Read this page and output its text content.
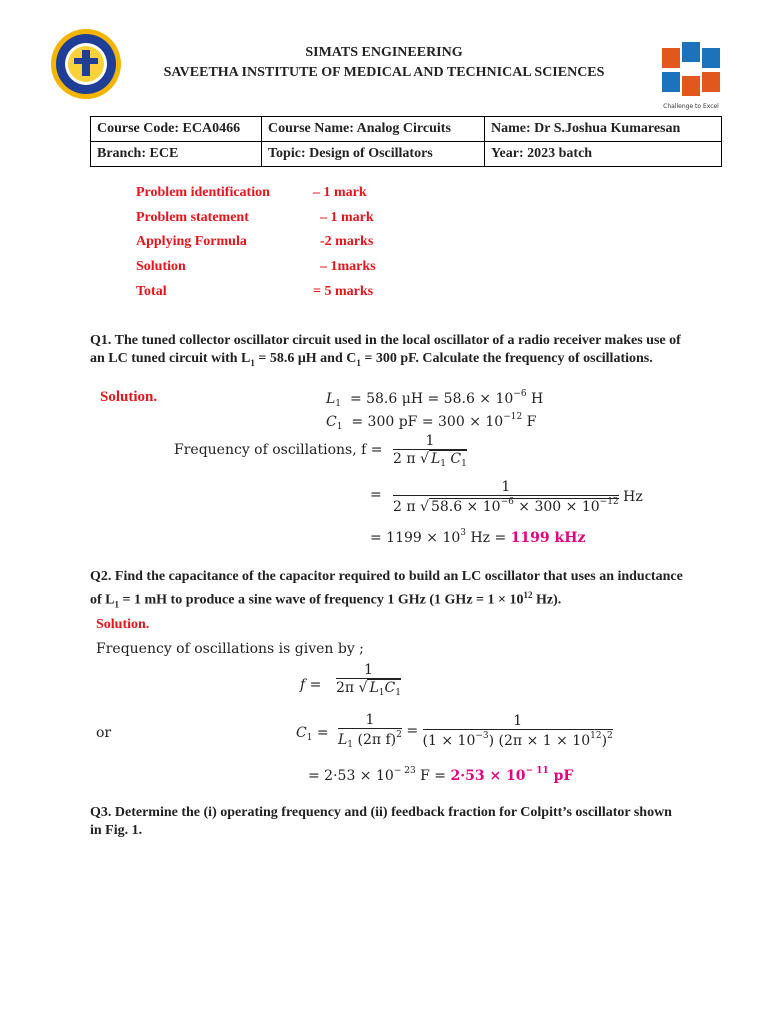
Challenge to Excel
SIMATS ENGINEERING
SAVEETHA INSTITUTE OF MEDICAL AND TECHNICAL SCIENCES
Course Code: ECA0466	Course Name: Analog Circuits	Name: Dr S.Joshua Kumaresan
Branch: ECE	Topic: Design of Oscillators	Year: 2023 batch
Problem identification	– 1 mark
Problem statement	– 1 mark
Applying Formula	-2 marks
Solution	– 1marks
Total	= 5 marks
Q1. The tuned collector oscillator circuit used in the local oscillator of a radio receiver makes use of
an LC tuned circuit with $L_1 = 58.6$ μH and $C_1 = 300$ pF. Calculate the frequency of oscillations.
Solution.	$L_1 = 58.6$ $\mu H = 58.6 \times 10^{-6}$ H
$C_1 = 300$ pF = $300 \times 10^{-12}$ F
Frequency of oscillations, $f = \frac{1}{2 \pi √ L_1 C_1}$
= $\frac{1}{2 \pi √ 58.6 \times 10^{-6} \times 300 \times 10^{-12}}$ Hz
= $1199 \times 10^3$ Hz = 1199 kHz
Q2. Find the capacitance of the capacitor required to build an LC oscillator that uses an inductance
of $L_1 = 1$ mH to produce a sine wave of frequency 1 GHz (1 GHz = $1 \times 10^{12}$ Hz).
Solution.
Frequency of oscillations is given by ;
$f = \frac{1}{2\pi √ L_1C_1}$
or	$C_1 = \frac{1}{L_1 (2\pi f)^2} = \frac{1}{(1 \times 10^{-3}) (2\pi \times 1 \times 10^{12})^2}$
= $2\cdot 53 \times 10^{- 23}$ $F = 2\cdot 53 \times 10^{- 11}$ pF
Q3. Determine the (i) operating frequency and (ii) feedback fraction for Colpitt’s oscillator shown
in Fig. 1.
